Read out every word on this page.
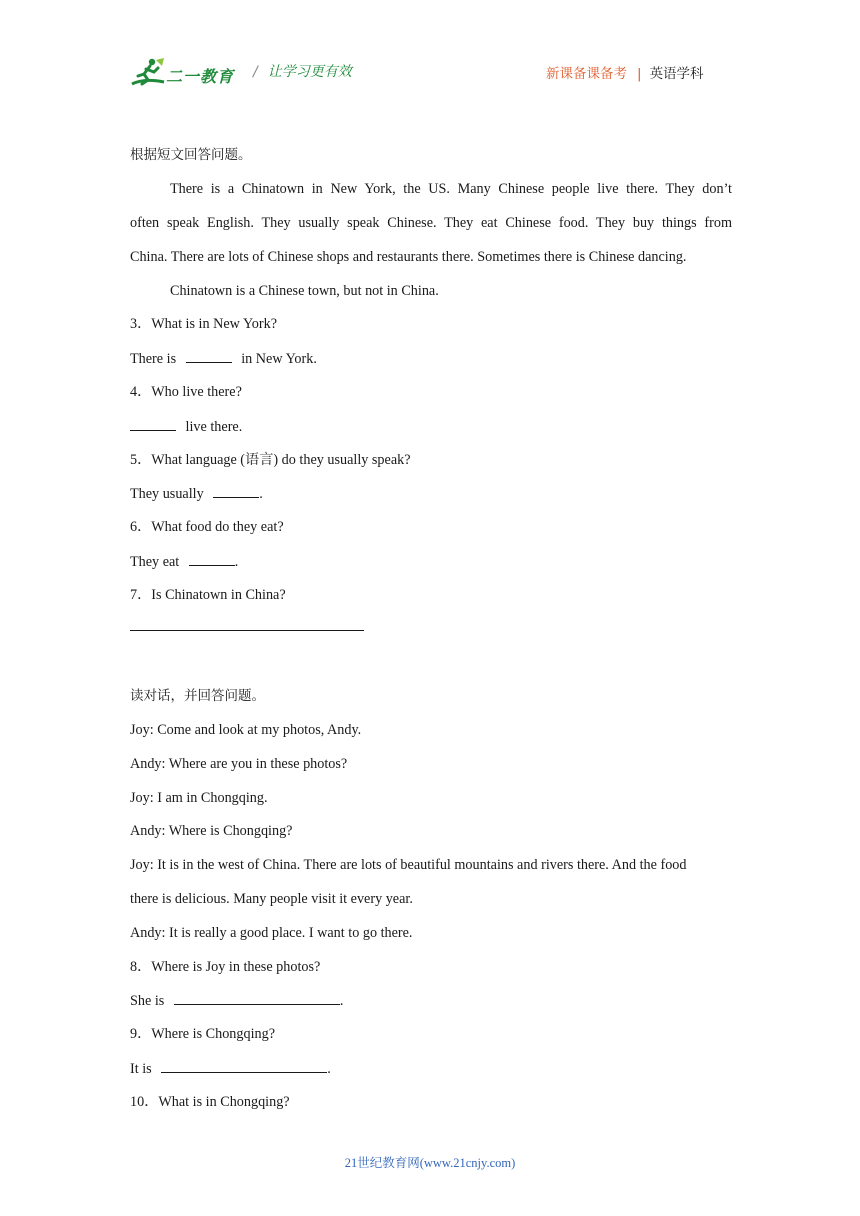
二一教育 / 让学习更有效	新课备课备考 | 英语学科
根据短文回答问题。
There is a Chinatown in New York, the US. Many Chinese people live there. They don’t
often speak English. They usually speak Chinese. They eat Chinese food. They buy things from
China. There are lots of Chinese shops and restaurants there. Sometimes there is Chinese dancing.
Chinatown is a Chinese town, but not in China.
3．What is in New York?
There is	in New York.
4．Who live there?
live there.
5．What language (语言) do they usually speak?
They usually	.
6．What food do they eat?
They eat	.
7．Is Chinatown in China?
读对话，并回答问题。
Joy: Come and look at my photos, Andy.
Andy: Where are you in these photos?
Joy: I am in Chongqing.
Andy: Where is Chongqing?
Joy: It is in the west of China. There are lots of beautiful mountains and rivers there. And the food
there is delicious. Many people visit it every year.
Andy: It is really a good place. I want to go there.
8．Where is Joy in these photos?
She is	.
9．Where is Chongqing?
It is	.
10．What is in Chongqing?
21世纪教育网(www.21cnjy.com)
